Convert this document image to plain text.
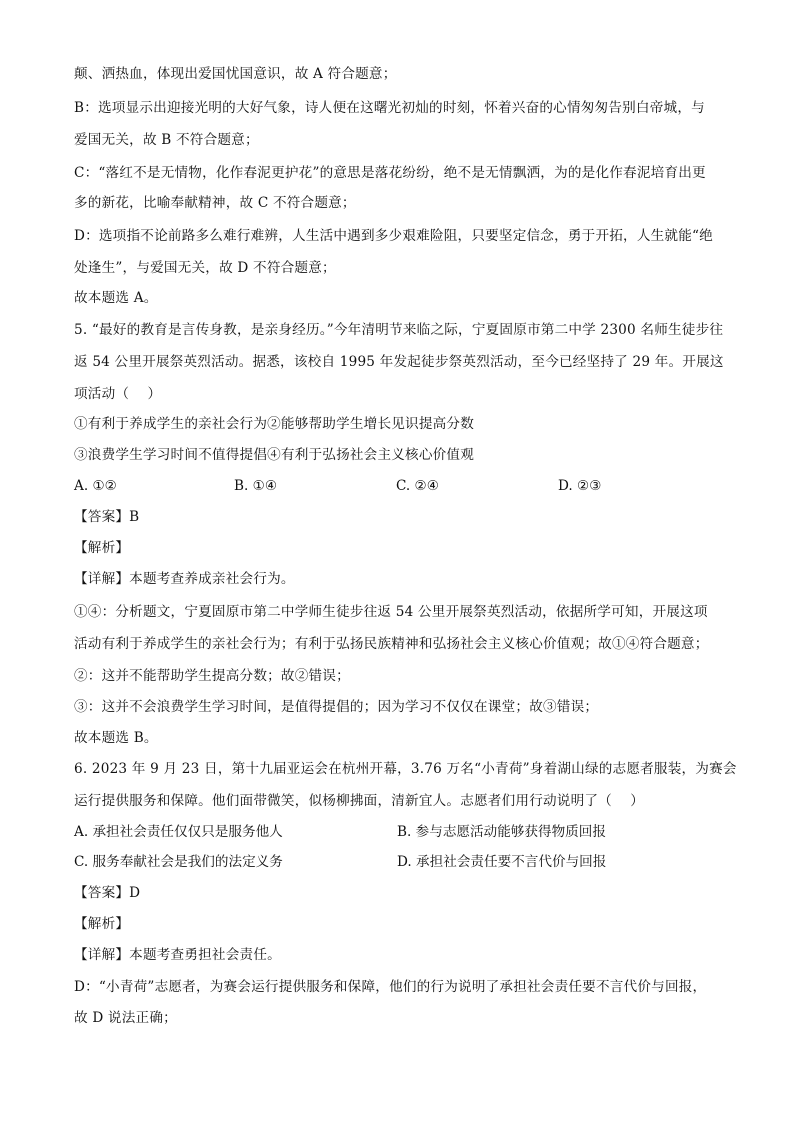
颠、洒热血，体现出爱国忧国意识，故 A 符合题意；
B：选项显示出迎接光明的大好气象，诗人便在这曙光初灿的时刻，怀着兴奋的心情匆匆告别白帝城，与
爱国无关，故 B 不符合题意；
C：“落红不是无情物，化作春泥更护花”的意思是落花纷纷，绝不是无情飘洒，为的是化作春泥培育出更
多的新花，比喻奉献精神，故 C 不符合题意；
D：选项指不论前路多么难行难辨，人生活中遇到多少艰难险阻，只要坚定信念，勇于开拓，人生就能“绝
处逢生”，与爱国无关，故 D 不符合题意；
故本题选 A。
5. “最好的教育是言传身教，是亲身经历。”今年清明节来临之际，宁夏固原市第二中学 2300 名师生徒步往
返 54 公里开展祭英烈活动。据悉，该校自 1995 年发起徒步祭英烈活动，至今已经坚持了 29 年。开展这
项活动（　 ）
①有利于养成学生的亲社会行为②能够帮助学生增长见识提高分数
③浪费学生学习时间不值得提倡④有利于弘扬社会主义核心价值观
A. ①②	B. ①④	C. ②④	D. ②③
【答案】B
【解析】
【详解】本题考查养成亲社会行为。
①④：分析题文，宁夏固原市第二中学师生徒步往返 54 公里开展祭英烈活动，依据所学可知，开展这项
活动有利于养成学生的亲社会行为；有利于弘扬民族精神和弘扬社会主义核心价值观；故①④符合题意；
②：这并不能帮助学生提高分数；故②错误；
③：这并不会浪费学生学习时间，是值得提倡的；因为学习不仅仅在课堂；故③错误；
故本题选 B。
6. 2023 年 9 月 23 日，第十九届亚运会在杭州开幕，3.76 万名“小青荷”身着湖山绿的志愿者服装，为赛会
运行提供服务和保障。他们面带微笑，似杨柳拂面，清新宜人。志愿者们用行动说明了（　 ）
A. 承担社会责任仅仅只是服务他人	B. 参与志愿活动能够获得物质回报
C. 服务奉献社会是我们的法定义务	D. 承担社会责任要不言代价与回报
【答案】D
【解析】
【详解】本题考查勇担社会责任。
D：“小青荷”志愿者，为赛会运行提供服务和保障，他们的行为说明了承担社会责任要不言代价与回报，
故 D 说法正确；
